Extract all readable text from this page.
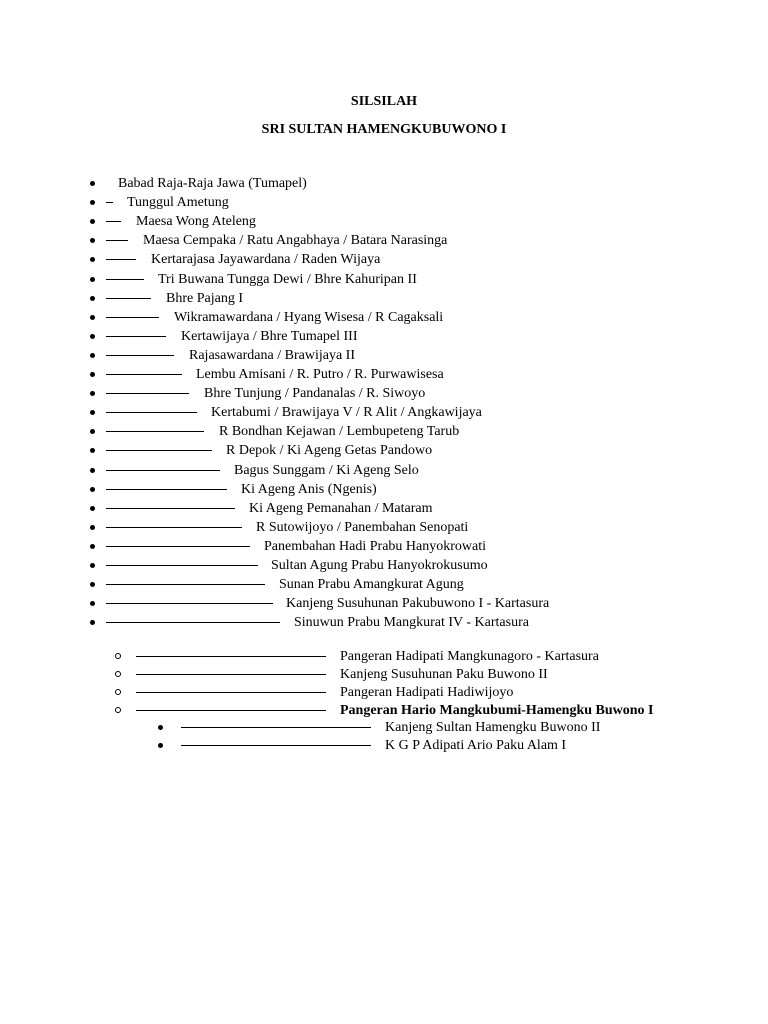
SILSILAH
SRI SULTAN HAMENGKUBUWONO I
Babad Raja-Raja Jawa (Tumapel)
Tunggul Ametung
Maesa Wong Ateleng
Maesa Cempaka / Ratu Angabhaya / Batara Narasinga
Kertarajasa Jayawardana / Raden Wijaya
Tri Buwana Tungga Dewi / Bhre Kahuripan II
Bhre Pajang I
Wikramawardana / Hyang Wisesa / R Cagaksali
Kertawijaya / Bhre Tumapel III
Rajasawardana / Brawijaya II
Lembu Amisani / R. Putro / R. Purwawisesa
Bhre Tunjung / Pandanalas / R. Siwoyo
Kertabumi / Brawijaya V / R Alit / Angkawijaya
R Bondhan Kejawan / Lembupeteng Tarub
R Depok / Ki Ageng Getas Pandowo
Bagus Sunggam / Ki Ageng Selo
Ki Ageng Anis (Ngenis)
Ki Ageng Pemanahan / Mataram
R Sutowijoyo / Panembahan Senopati
Panembahan Hadi Prabu Hanyokrowati
Sultan Agung Prabu Hanyokrokusumo
Sunan Prabu Amangkurat Agung
Kanjeng Susuhunan Pakubuwono I - Kartasura
Sinuwun Prabu Mangkurat IV - Kartasura
Pangeran Hadipati Mangkunagoro - Kartasura
Kanjeng Susuhunan Paku Buwono II
Pangeran Hadipati Hadiwijoyo
Pangeran Hario Mangkubumi-Hamengku Buwono I
Kanjeng Sultan Hamengku Buwono II
K G P Adipati Ario Paku Alam I
